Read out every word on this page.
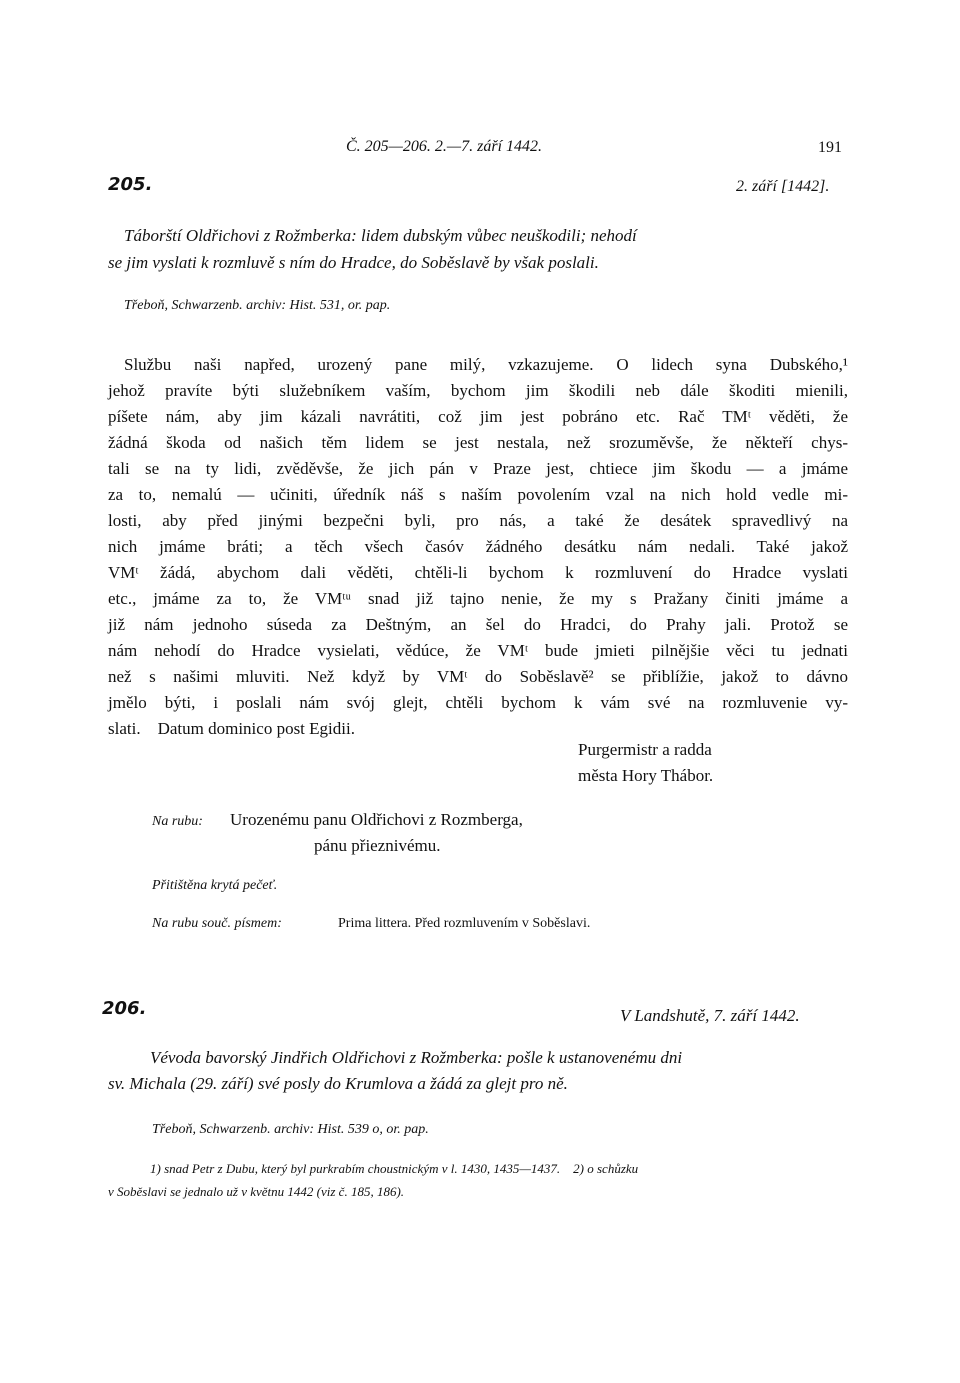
Č. 205—206. 2.—7. září 1442.	191
205.	2. září [1442].
Táborští Oldřichovi z Rožmberka: lidem dubským vůbec neuškodili; nehodí
se jim vyslati k rozmluvě s ním do Hradce, do Soběslavě by však poslali.
Třeboň, Schwarzenb. archiv: Hist. 531, or. pap.
Službu naši napřed, urozený pane milý, vzkazujeme. O lidech syna Dubského,¹
jehož pravíte býti služebníkem vaším, bychom jim škodili neb dále škoditi mienili,
píšete nám, aby jim kázali navrátiti, což jim jest pobráno etc. Rač TMᵗ věděti, že
žádná škoda od našich těm lidem se jest nestala, než srozuměvše, že někteří chys-
tali se na ty lidi, zvěděvše, že jich pán v Praze jest, chtiece jim škodu — a jmáme
za to, nemalú — učiniti, úředník náš s naším povolením vzal na nich hold vedle mi-
losti, aby před jinými bezpečni byli, pro nás, a také že desátek spravedlivý na
nich jmáme bráti; a těch všech časóv žádného desátku nám nedali. Také jakož
VMᵗ žádá, abychom dali věděti, chtěli-li bychom k rozmluvení do Hradce vyslati
etc., jmáme za to, že VMᵗᵘ snad již tajno nenie, že my s Pražany činiti jmáme a
již nám jednoho súseda za Deštným, an šel do Hradci, do Prahy jali. Protož se
nám nehodí do Hradce vysielati, vědúce, že VMᵗ bude jmieti pilnějšie věci tu jednati
než s našimi mluviti. Než když by VMᵗ do Soběslavě² se přiblížie, jakož to dávno
jmělo býti, i poslali nám svój glejt, chtěli bychom k vám své na rozmluvenie vy-
slati.    Datum dominico post Egidii.
Purgermistr a radda
města Hory Thábor.
Na rubu: Urozenému panu Oldřichovi z Rozmberga,
pánu přieznivému.
Přitištěna krytá pečeť.
Na rubu souč. písmem:	Prima littera. Před rozmluvením v Soběslavi.
206.	V Landshutě, 7. září 1442.
Vévoda bavorský Jindřich Oldřichovi z Rožmberka: pošle k ustanovenému dni
sv. Michala (29. září) své posly do Krumlova a žádá za glejt pro ně.
Třeboň, Schwarzenb. archiv: Hist. 539 o, or. pap.
1) snad Petr z Dubu, který byl purkrabím choustnickým v l. 1430, 1435—1437.    2) o schůzku
v Soběslavi se jednalo už v květnu 1442 (viz č. 185, 186).
